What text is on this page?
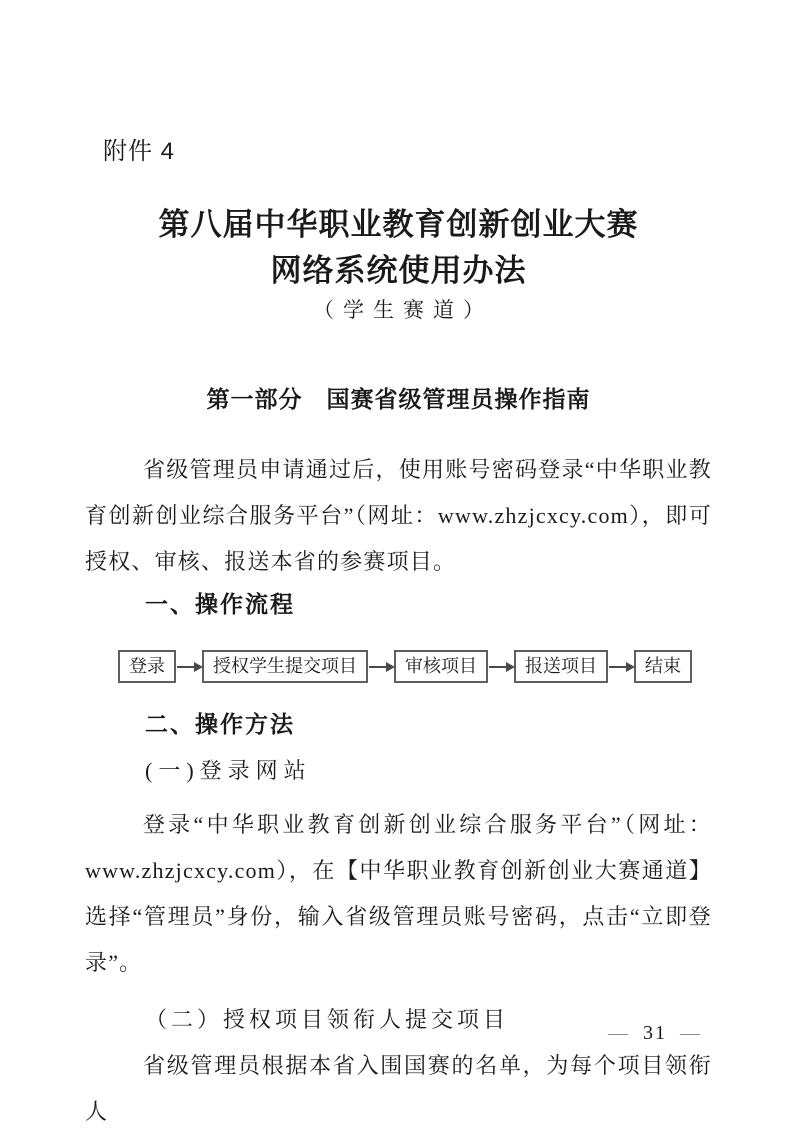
附件 4
第八届中华职业教育创新创业大赛
网络系统使用办法
（学生赛道）
第一部分　国赛省级管理员操作指南

省级管理员申请通过后，使用账号密码登录“中华职业教育创新创业综合服务平台”（网址：www.zhzjcxcy.com），即可授权、审核、报送本省的参赛项目。

一、操作流程
登录	授权学生提交项目	审核项目	报送项目	结束
二、操作方法
(一)登录网站

登录“中华职业教育创新创业综合服务平台”（网址：www.zhzjcxcy.com），在【中华职业教育创新创业大赛通道】选择“管理员”身份，输入省级管理员账号密码，点击“立即登录”。

（二）授权项目领衔人提交项目

省级管理员根据本省入围国赛的名单，为每个项目领衔人

— 31 —
